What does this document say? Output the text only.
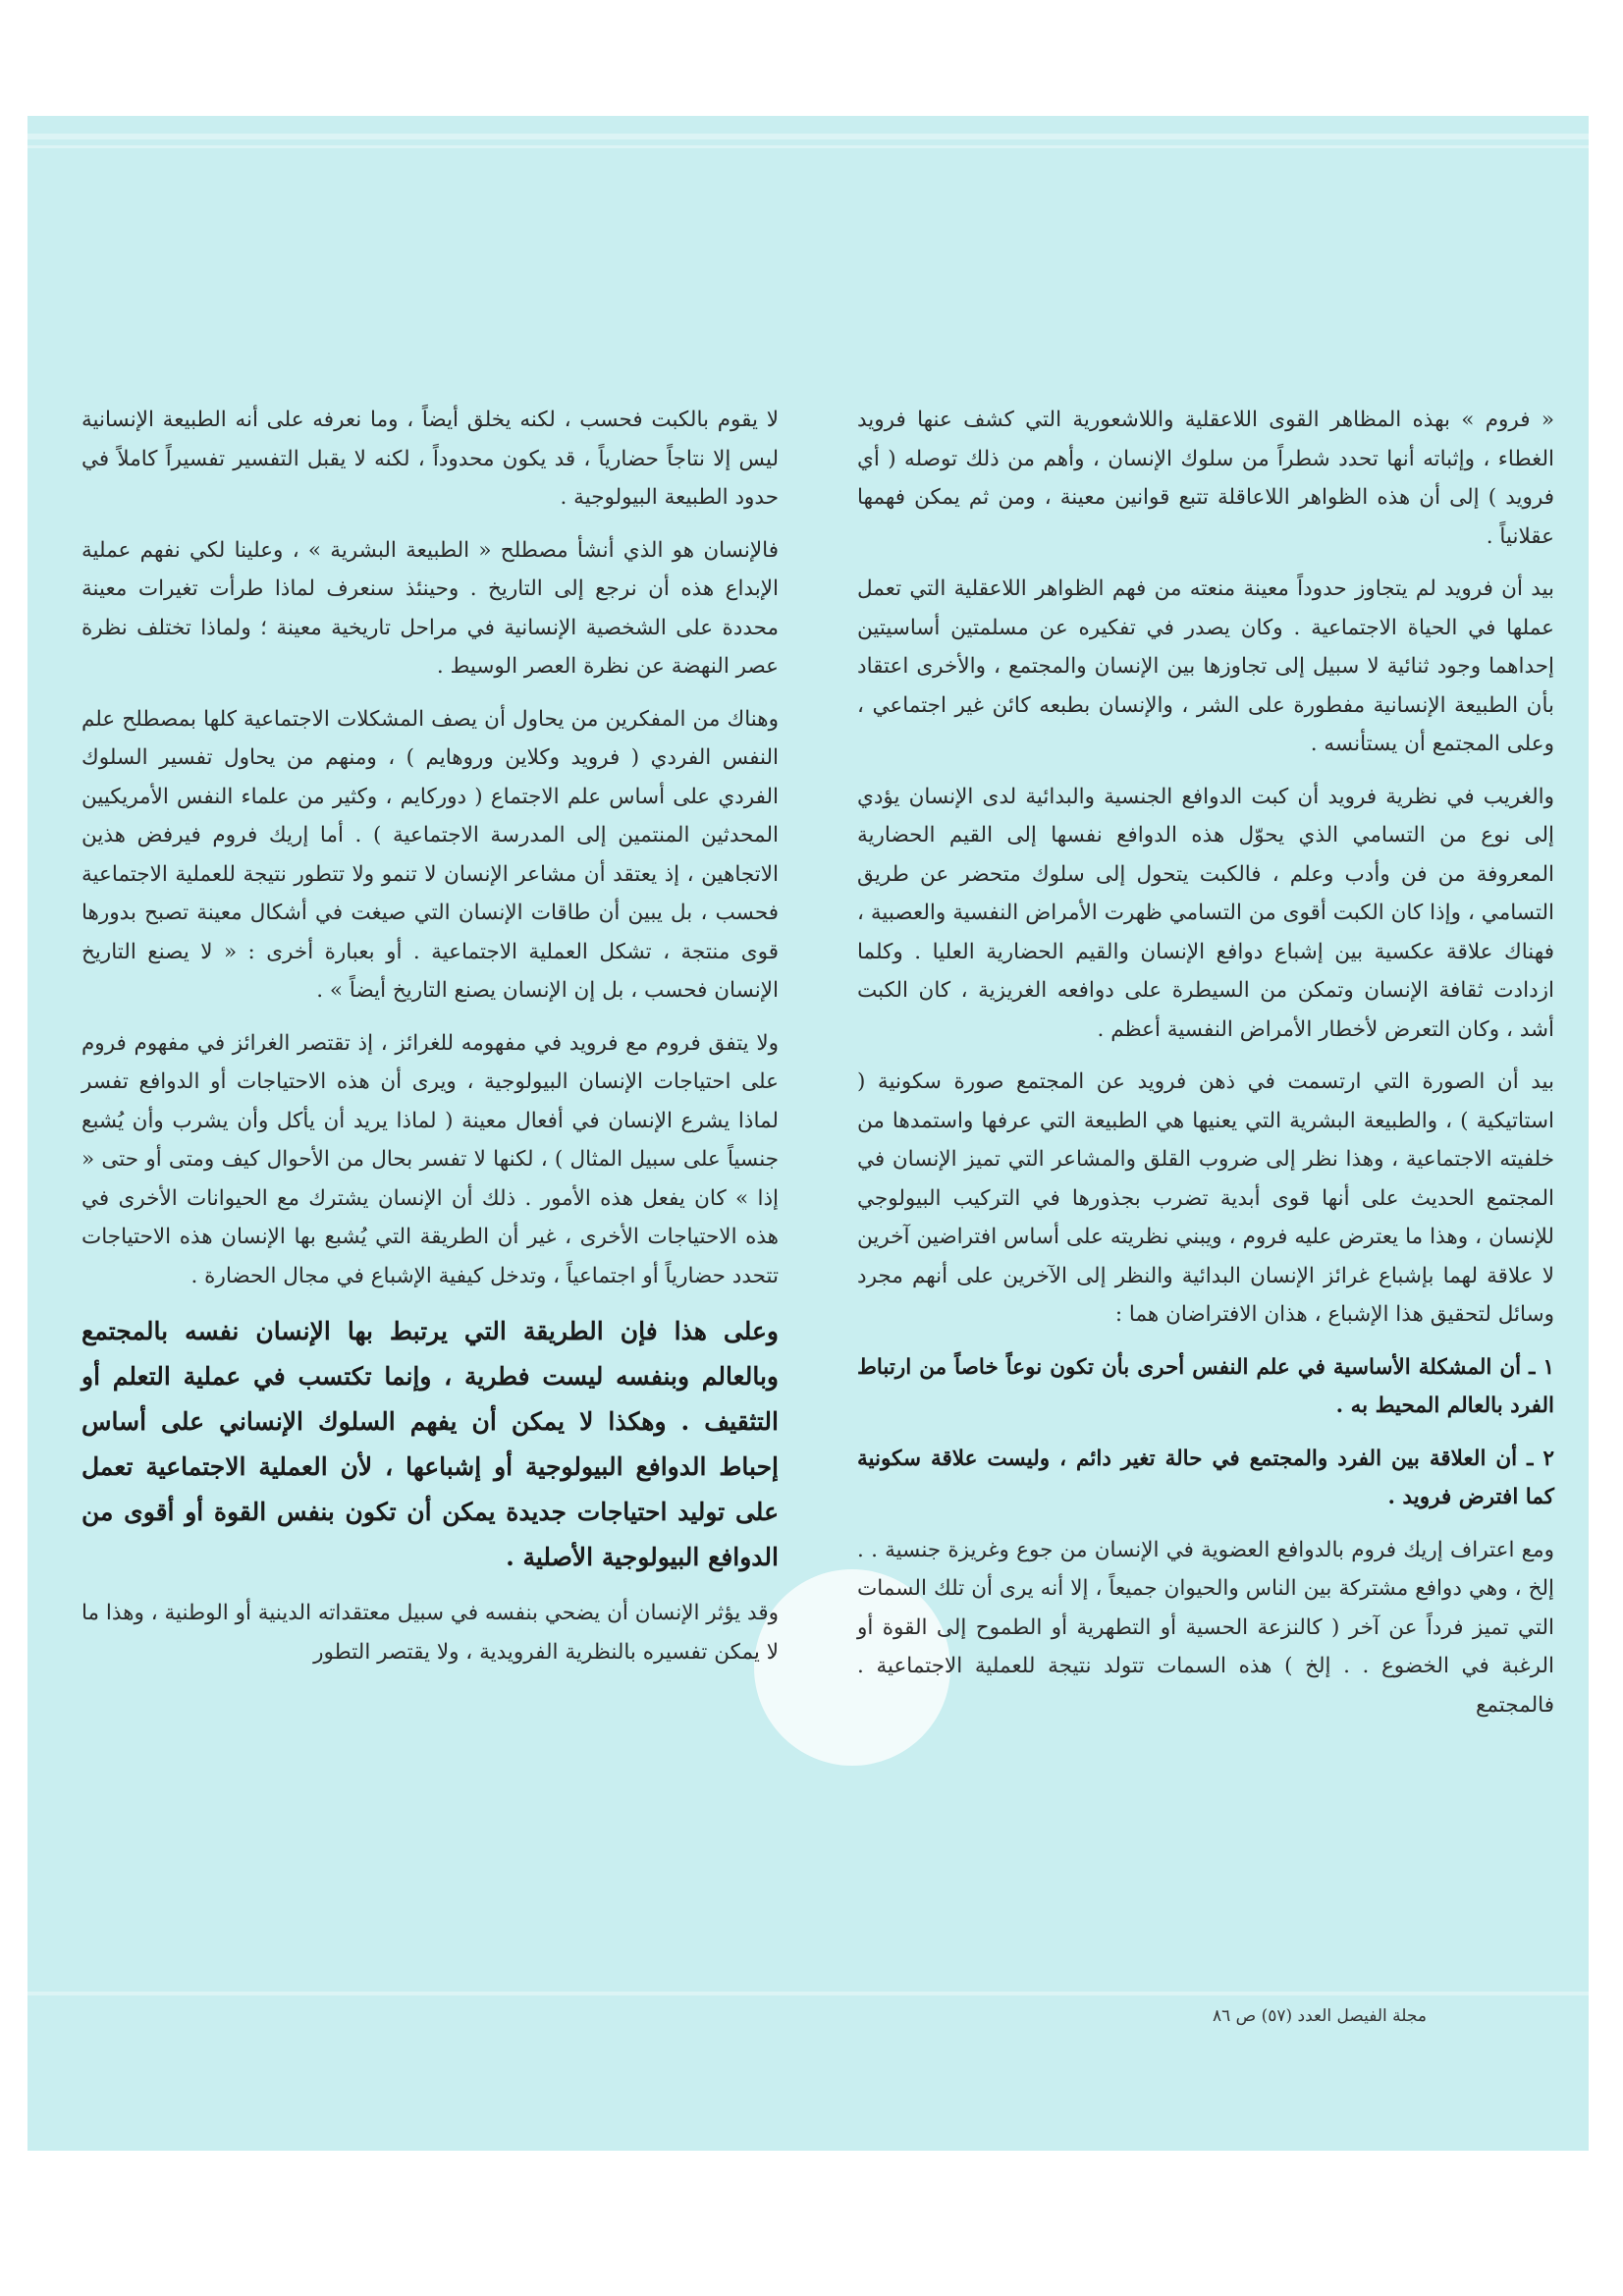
« فروم » بهذه المظاهر القوى اللاعقلية واللاشعورية التي كشف عنها فرويد الغطاء ، وإثباته أنها تحدد شطراً من سلوك الإنسان ، وأهم من ذلك توصله ( أي فرويد ) إلى أن هذه الظواهر اللاعاقلة تتبع قوانين معينة ، ومن ثم يمكن فهمها عقلانياً .

بيد أن فرويد لم يتجاوز حدوداً معينة منعته من فهم الظواهر اللاعقلية التي تعمل عملها في الحياة الاجتماعية . وكان يصدر في تفكيره عن مسلمتين أساسيتين إحداهما وجود ثنائية لا سبيل إلى تجاوزها بين الإنسان والمجتمع ، والأخرى اعتقاد بأن الطبيعة الإنسانية مفطورة على الشر ، والإنسان بطبعه كائن غير اجتماعي ، وعلى المجتمع أن يستأنسه .

والغريب في نظرية فرويد أن كبت الدوافع الجنسية والبدائية لدى الإنسان يؤدي إلى نوع من التسامي الذي يحوّل هذه الدوافع نفسها إلى القيم الحضارية المعروفة من فن وأدب وعلم ، فالكبت يتحول إلى سلوك متحضر عن طريق التسامي ، وإذا كان الكبت أقوى من التسامي ظهرت الأمراض النفسية والعصبية ، فهناك علاقة عكسية بين إشباع دوافع الإنسان والقيم الحضارية العليا . وكلما ازدادت ثقافة الإنسان وتمكن من السيطرة على دوافعه الغريزية ، كان الكبت أشد ، وكان التعرض لأخطار الأمراض النفسية أعظم .

بيد أن الصورة التي ارتسمت في ذهن فرويد عن المجتمع صورة سكونية ( استاتيكية ) ، والطبيعة البشرية التي يعنيها هي الطبيعة التي عرفها واستمدها من خلفيته الاجتماعية ، وهذا نظر إلى ضروب القلق والمشاعر التي تميز الإنسان في المجتمع الحديث على أنها قوى أبدية تضرب بجذورها في التركيب البيولوجي للإنسان ، وهذا ما يعترض عليه فروم ، ويبني نظريته على أساس افتراضين آخرين لا علاقة لهما بإشباع غرائز الإنسان البدائية والنظر إلى الآخرين على أنهم مجرد وسائل لتحقيق هذا الإشباع ، هذان الافتراضان هما :

١ ـ أن المشكلة الأساسية في علم النفس أحرى بأن تكون نوعاً خاصاً من ارتباط الفرد بالعالم المحيط به .

٢ ـ أن العلاقة بين الفرد والمجتمع في حالة تغير دائم ، وليست علاقة سكونية كما افترض فرويد .

ومع اعتراف إريك فروم بالدوافع العضوية في الإنسان من جوع وغريزة جنسية . . إلخ ، وهي دوافع مشتركة بين الناس والحيوان جميعاً ، إلا أنه يرى أن تلك السمات التي تميز فرداً عن آخر ( كالنزعة الحسية أو التطهرية أو الطموح إلى القوة أو الرغبة في الخضوع . . إلخ ) هذه السمات تتولد نتيجة للعملية الاجتماعية . فالمجتمع

لا يقوم بالكبت فحسب ، لكنه يخلق أيضاً ، وما نعرفه على أنه الطبيعة الإنسانية ليس إلا نتاجاً حضارياً ، قد يكون محدوداً ، لكنه لا يقبل التفسير تفسيراً كاملاً في حدود الطبيعة البيولوجية .

فالإنسان هو الذي أنشأ مصطلح « الطبيعة البشرية » ، وعلينا لكي نفهم عملية الإبداع هذه أن نرجع إلى التاريخ . وحينئذ سنعرف لماذا طرأت تغيرات معينة محددة على الشخصية الإنسانية في مراحل تاريخية معينة ؛ ولماذا تختلف نظرة عصر النهضة عن نظرة العصر الوسيط .

وهناك من المفكرين من يحاول أن يصف المشكلات الاجتماعية كلها بمصطلح علم النفس الفردي ( فرويد وكلاين وروهايم ) ، ومنهم من يحاول تفسير السلوك الفردي على أساس علم الاجتماع ( دوركايم ، وكثير من علماء النفس الأمريكيين المحدثين المنتمين إلى المدرسة الاجتماعية ) . أما إريك فروم فيرفض هذين الاتجاهين ، إذ يعتقد أن مشاعر الإنسان لا تنمو ولا تتطور نتيجة للعملية الاجتماعية فحسب ، بل يبين أن طاقات الإنسان التي صيغت في أشكال معينة تصبح بدورها قوى منتجة ، تشكل العملية الاجتماعية . أو بعبارة أخرى : « لا يصنع التاريخ الإنسان فحسب ، بل إن الإنسان يصنع التاريخ أيضاً » .

ولا يتفق فروم مع فرويد في مفهومه للغرائز ، إذ تقتصر الغرائز في مفهوم فروم على احتياجات الإنسان البيولوجية ، ويرى أن هذه الاحتياجات أو الدوافع تفسر لماذا يشرع الإنسان في أفعال معينة ( لماذا يريد أن يأكل وأن يشرب وأن يُشبع جنسياً على سبيل المثال ) ، لكنها لا تفسر بحال من الأحوال كيف ومتى أو حتى « إذا » كان يفعل هذه الأمور . ذلك أن الإنسان يشترك مع الحيوانات الأخرى في هذه الاحتياجات الأخرى ، غير أن الطريقة التي يُشبع بها الإنسان هذه الاحتياجات تتحدد حضارياً أو اجتماعياً ، وتدخل كيفية الإشباع في مجال الحضارة .

وعلى هذا فإن الطريقة التي يرتبط بها الإنسان نفسه بالمجتمع وبالعالم وبنفسه ليست فطرية ، وإنما تكتسب في عملية التعلم أو التثقيف . وهكذا لا يمكن أن يفهم السلوك الإنساني على أساس إحباط الدوافع البيولوجية أو إشباعها ، لأن العملية الاجتماعية تعمل على توليد احتياجات جديدة يمكن أن تكون بنفس القوة أو أقوى من الدوافع البيولوجية الأصلية .

وقد يؤثر الإنسان أن يضحي بنفسه في سبيل معتقداته الدينية أو الوطنية ، وهذا ما لا يمكن تفسيره بالنظرية الفرويدية ، ولا يقتصر التطور

مجلة الفيصل العدد (٥٧) ص ٨٦
